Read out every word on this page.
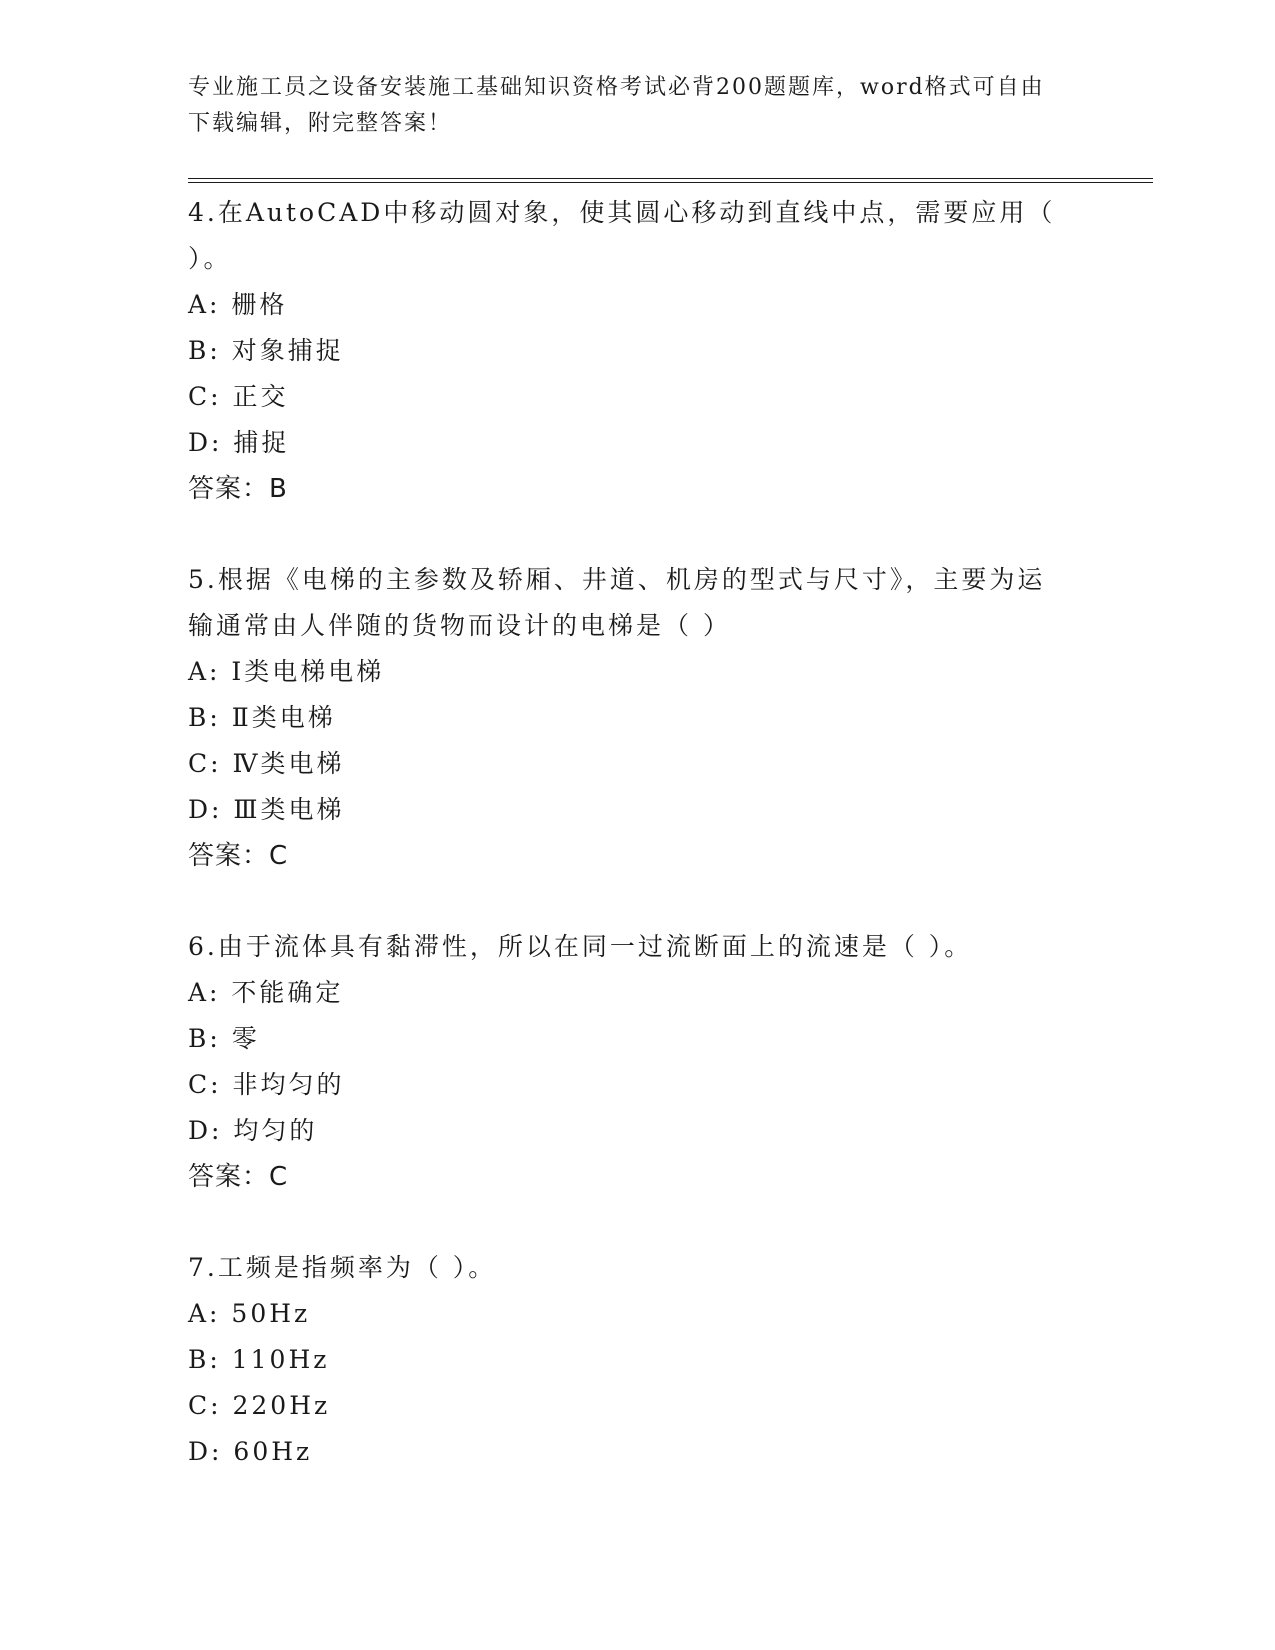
专业施工员之设备安装施工基础知识资格考试必背200题题库，word格式可自由下载编辑，附完整答案！
4.在AutoCAD中移动圆对象，使其圆心移动到直线中点，需要应用（ ）。
A: 栅格
B: 对象捕捉
C: 正交
D: 捕捉
答案：B
5.根据《电梯的主参数及轿厢、井道、机房的型式与尺寸》，主要为运输通常由人伴随的货物而设计的电梯是（ ）
A: Ⅰ类电梯电梯
B: Ⅱ类电梯
C: Ⅳ类电梯
D: Ⅲ类电梯
答案：C
6.由于流体具有黏滞性，所以在同一过流断面上的流速是（ ）。
A: 不能确定
B: 零
C: 非均匀的
D: 均匀的
答案：C
7.工频是指频率为（ ）。
A: 50Hz
B: 110Hz
C: 220Hz
D: 60Hz
